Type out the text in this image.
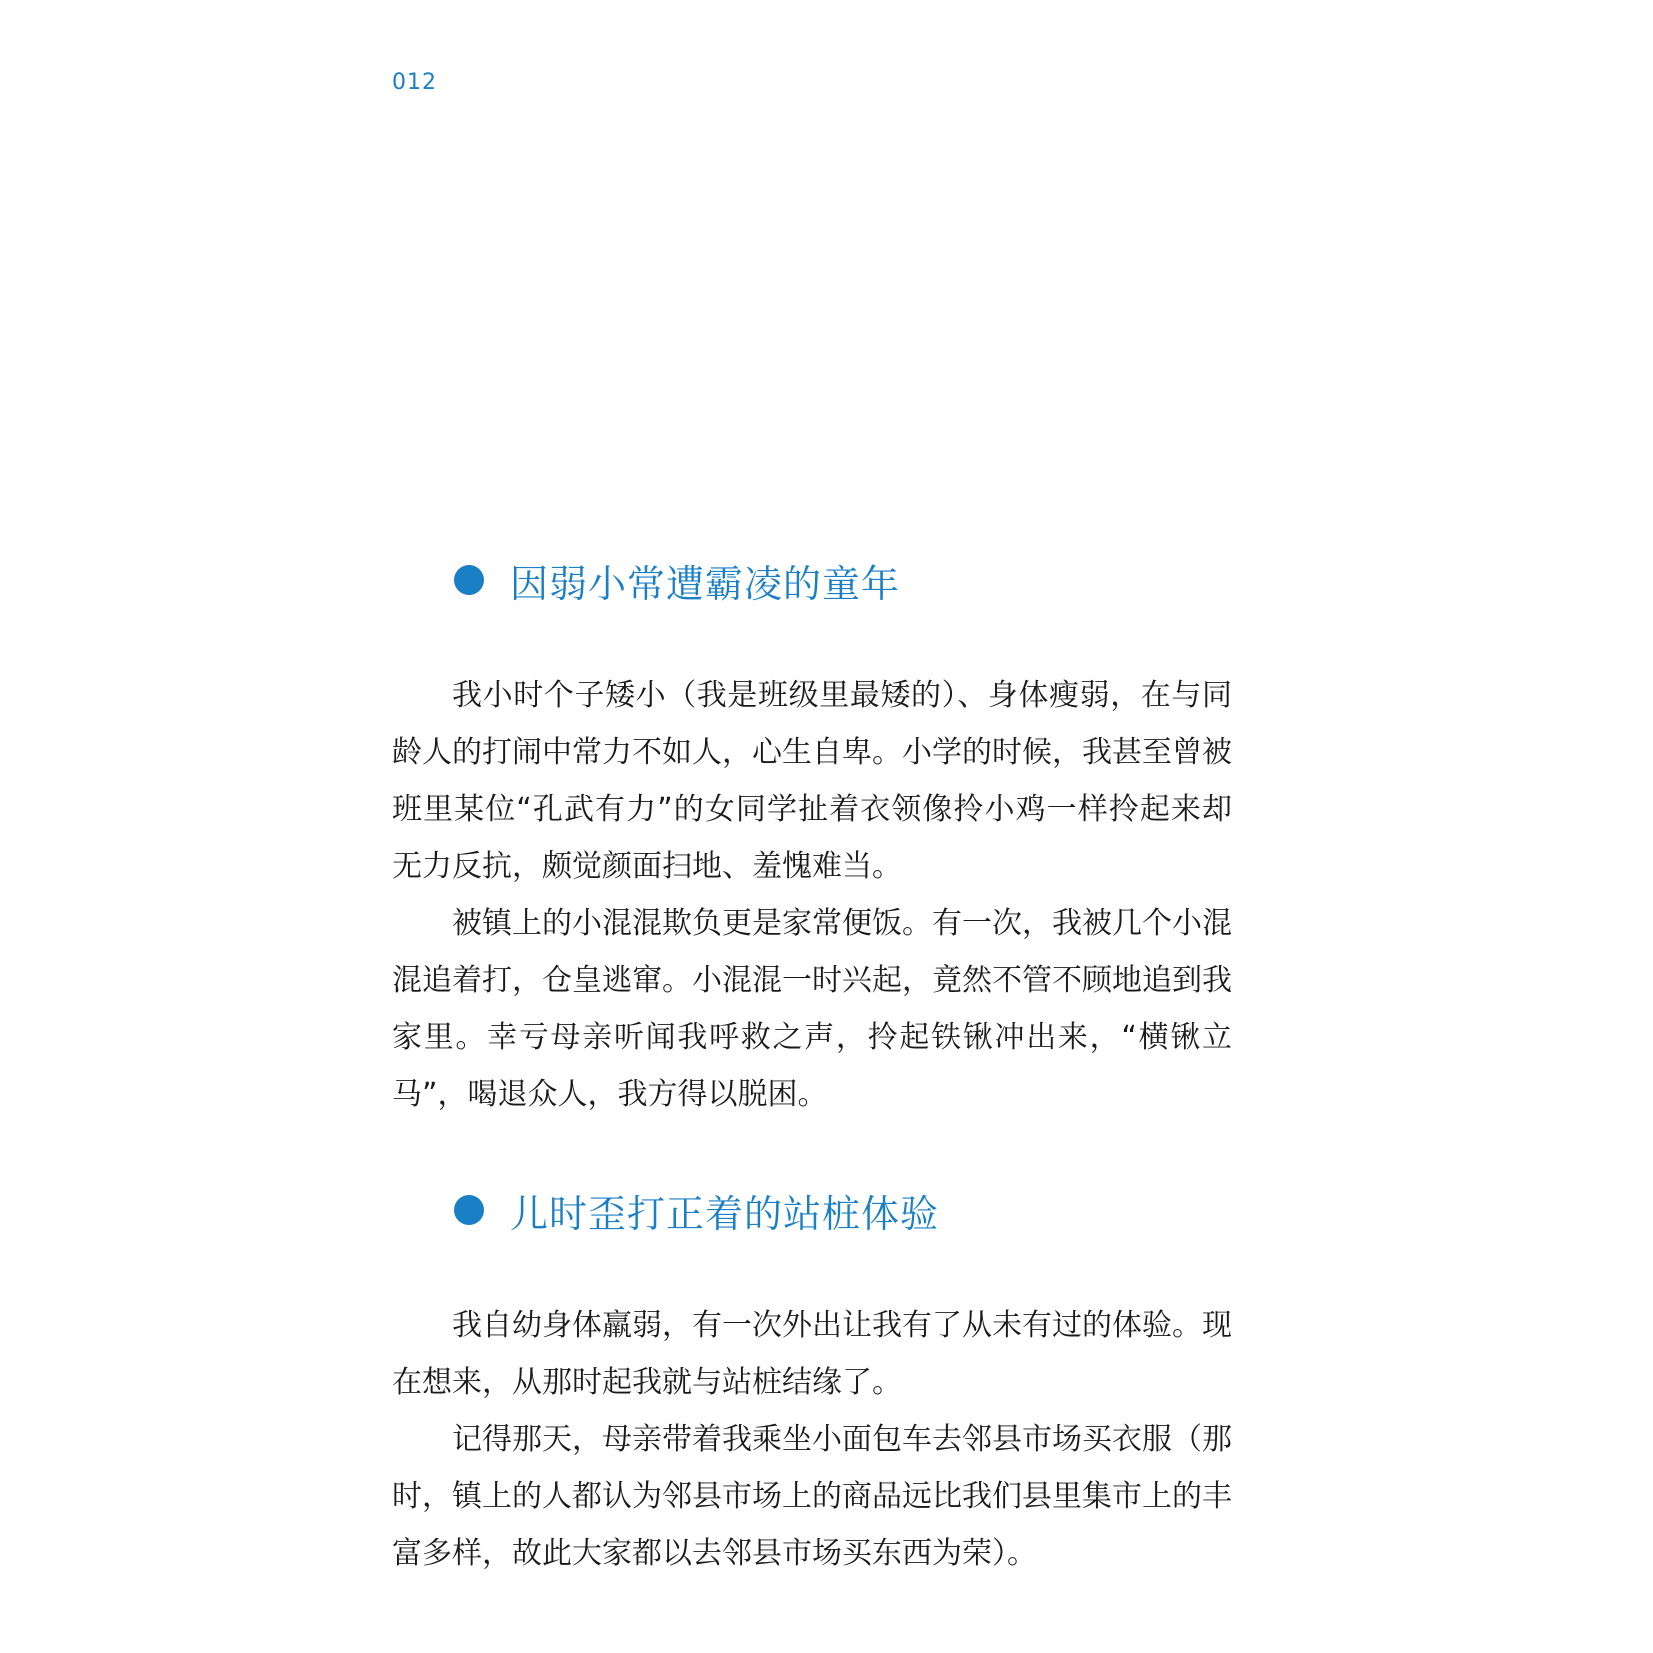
012
因弱小常遭霸凌的童年

我小时个子矮小（我是班级里最矮的）、身体瘦弱，在与同龄人的打闹中常力不如人，心生自卑。小学的时候，我甚至曾被班里某位“孔武有力”的女同学扯着衣领像拎小鸡一样拎起来却无力反抗，颇觉颜面扫地、羞愧难当。

被镇上的小混混欺负更是家常便饭。有一次，我被几个小混混追着打，仓皇逃窜。小混混一时兴起，竟然不管不顾地追到我家里。幸亏母亲听闻我呼救之声，拎起铁锹冲出来，“横锹立马”，喝退众人，我方得以脱困。

儿时歪打正着的站桩体验

我自幼身体羸弱，有一次外出让我有了从未有过的体验。现在想来，从那时起我就与站桩结缘了。

记得那天，母亲带着我乘坐小面包车去邻县市场买衣服（那时，镇上的人都认为邻县市场上的商品远比我们县里集市上的丰富多样，故此大家都以去邻县市场买东西为荣）。
